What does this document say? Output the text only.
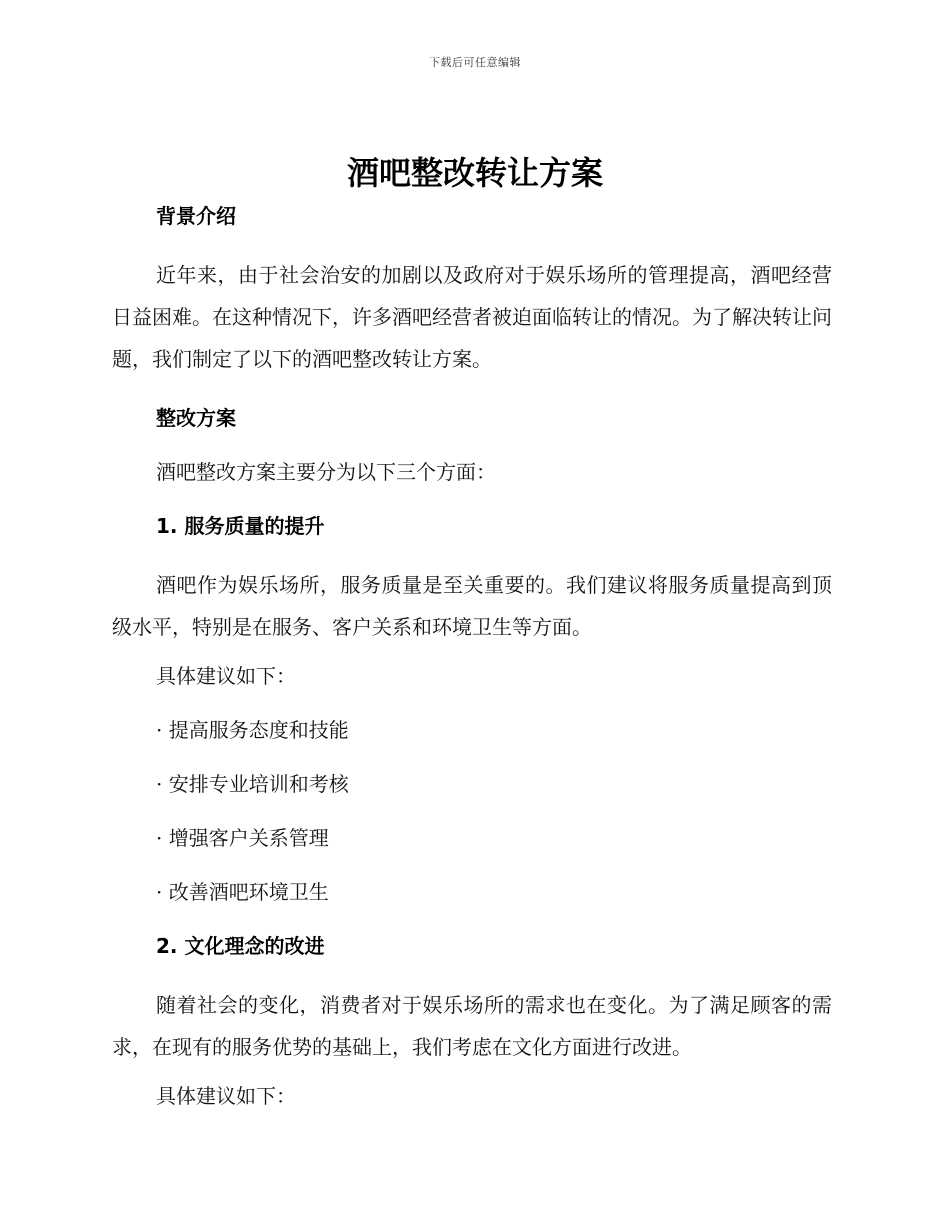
下载后可任意编辑
酒吧整改转让方案
背景介绍

近年来，由于社会治安的加剧以及政府对于娱乐场所的管理提高，酒吧经营日益困难。在这种情况下，许多酒吧经营者被迫面临转让的情况。为了解决转让问题，我们制定了以下的酒吧整改转让方案。

整改方案

酒吧整改方案主要分为以下三个方面：

1. 服务质量的提升

酒吧作为娱乐场所，服务质量是至关重要的。我们建议将服务质量提高到顶级水平，特别是在服务、客户关系和环境卫生等方面。

具体建议如下：

· 提高服务态度和技能

· 安排专业培训和考核

· 增强客户关系管理

· 改善酒吧环境卫生

2. 文化理念的改进

随着社会的变化，消费者对于娱乐场所的需求也在变化。为了满足顾客的需求，在现有的服务优势的基础上，我们考虑在文化方面进行改进。

具体建议如下：
